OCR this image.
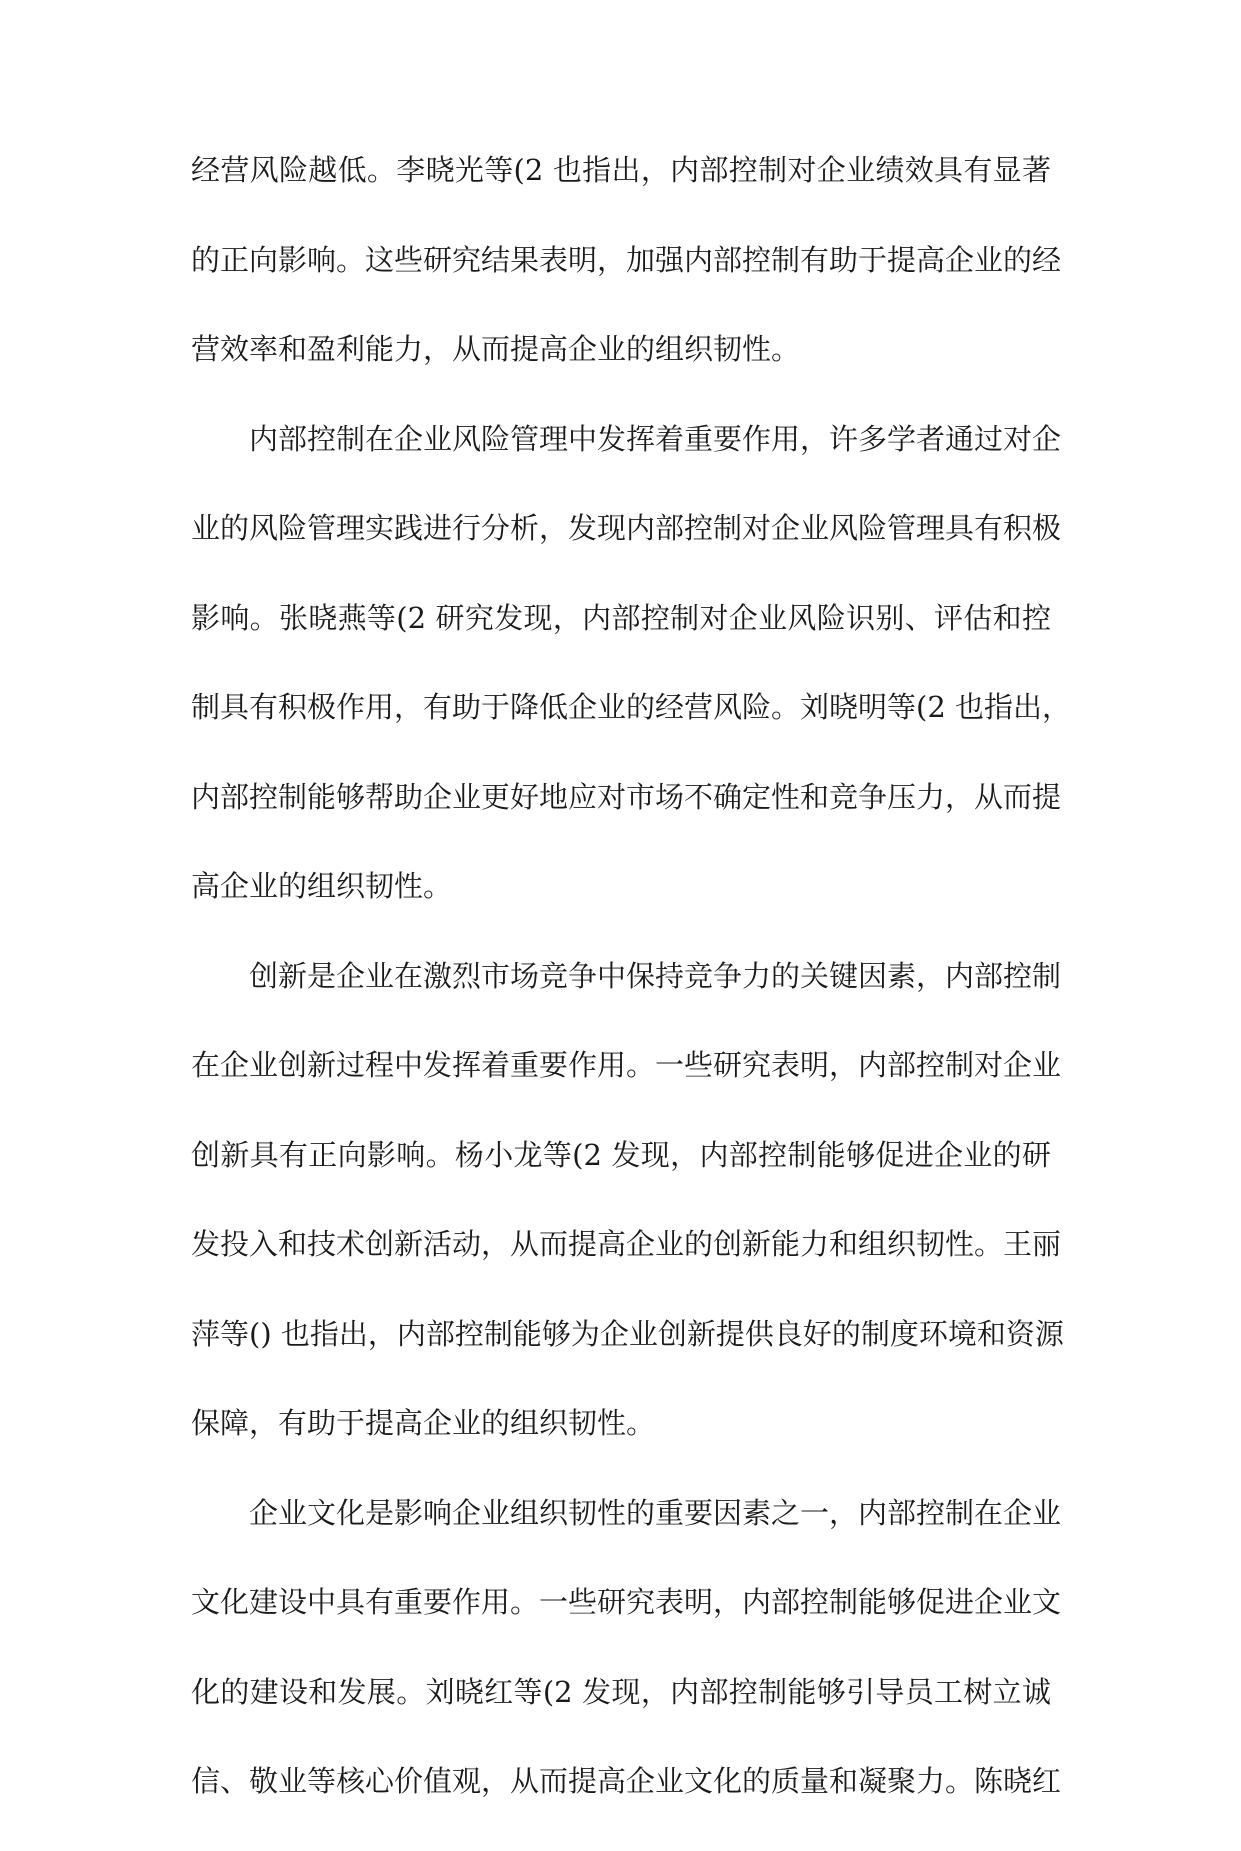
经营风险越低。李晓光等(2 也指出，内部控制对企业绩效具有显著
的正向影响。这些研究结果表明，加强内部控制有助于提高企业的经
营效率和盈利能力，从而提高企业的组织韧性。
内部控制在企业风险管理中发挥着重要作用，许多学者通过对企
业的风险管理实践进行分析，发现内部控制对企业风险管理具有积极
影响。张晓燕等(2 研究发现，内部控制对企业风险识别、评估和控
制具有积极作用，有助于降低企业的经营风险。刘晓明等(2 也指出，
内部控制能够帮助企业更好地应对市场不确定性和竞争压力，从而提
高企业的组织韧性。
创新是企业在激烈市场竞争中保持竞争力的关键因素，内部控制
在企业创新过程中发挥着重要作用。一些研究表明，内部控制对企业
创新具有正向影响。杨小龙等(2 发现，内部控制能够促进企业的研
发投入和技术创新活动，从而提高企业的创新能力和组织韧性。王丽
萍等() 也指出，内部控制能够为企业创新提供良好的制度环境和资源
保障，有助于提高企业的组织韧性。
企业文化是影响企业组织韧性的重要因素之一，内部控制在企业
文化建设中具有重要作用。一些研究表明，内部控制能够促进企业文
化的建设和发展。刘晓红等(2 发现，内部控制能够引导员工树立诚
信、敬业等核心价值观，从而提高企业文化的质量和凝聚力。陈晓红
